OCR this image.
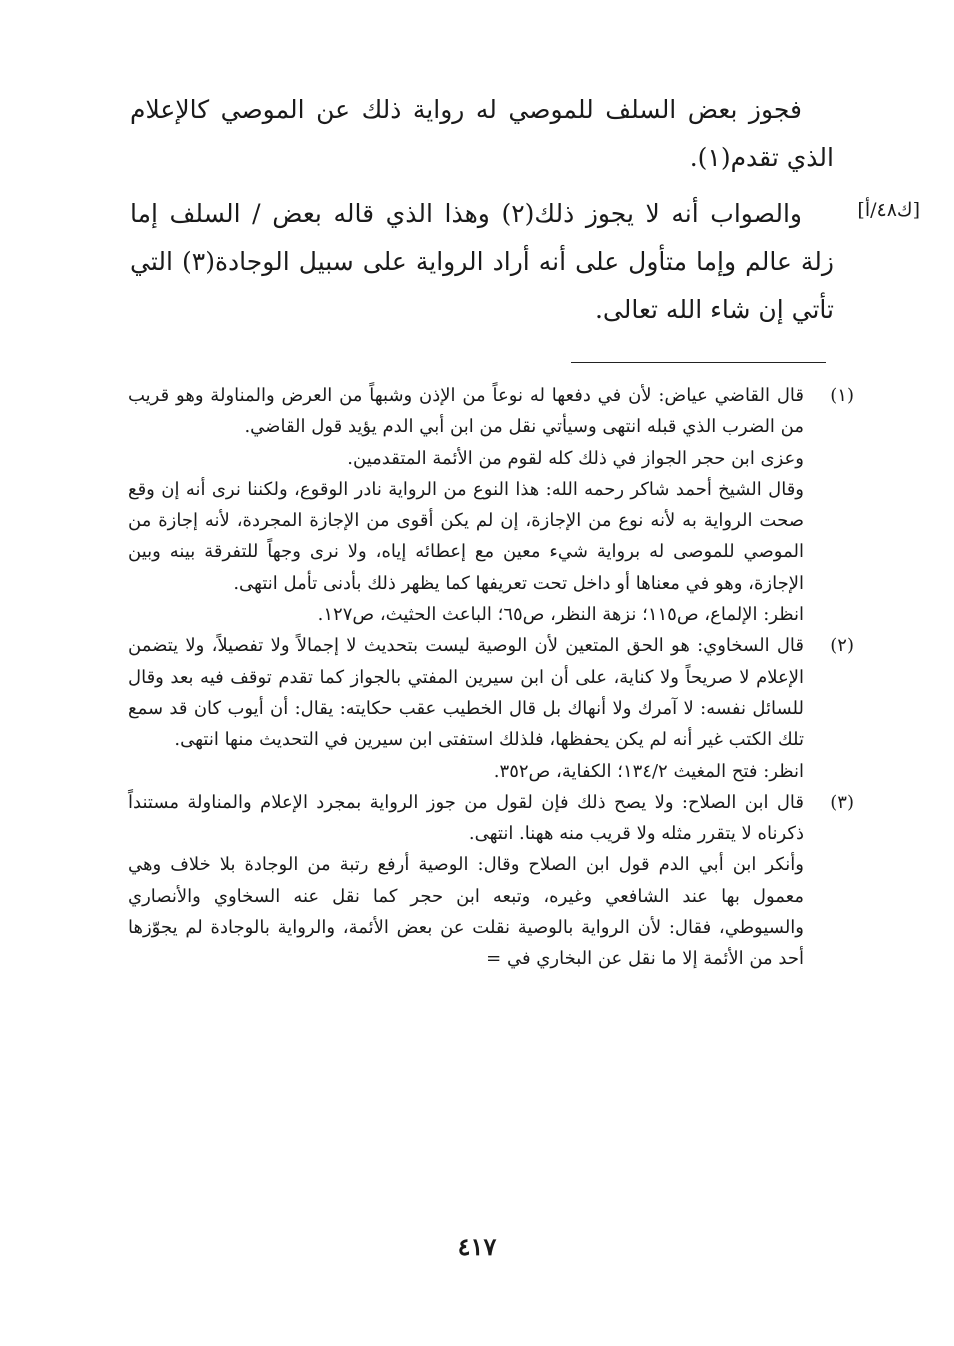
فجوز بعض السلف للموصي له رواية ذلك عن الموصي كالإعلام الذي تقدم(١).

والصواب أنه لا يجوز ذلك(٢) وهذا الذي قاله بعض / السلف إما زلة عالم وإما متأول على أنه أراد الرواية على سبيل الوجادة(٣) التي تأتي إن شاء الله تعالى.

[ك٤٨/أ]
(١)

قال القاضي عياض: لأن في دفعها له نوعاً من الإذن وشبهاً من العرض والمناولة وهو قريب من الضرب الذي قبله انتهى وسيأتي نقل من ابن أبي الدم يؤيد قول القاضي.

وعزى ابن حجر الجواز في ذلك كله لقوم من الأئمة المتقدمين.

وقال الشيخ أحمد شاكر رحمه الله: هذا النوع من الرواية نادر الوقوع، ولكننا نرى أنه إن وقع صحت الرواية به لأنه نوع من الإجازة، إن لم يكن أقوى من الإجازة المجردة، لأنه إجازة من الموصي للموصى له برواية شيء معين مع إعطائه إياه، ولا نرى وجهاً للتفرقة بينه وبين الإجازة، وهو في معناها أو داخل تحت تعريفها كما يظهر ذلك بأدنى تأمل انتهى.

انظر: الإلماع، ص١١٥؛ نزهة النظر، ص٦٥؛ الباعث الحثيث، ص١٢٧.

(٢)

قال السخاوي: هو الحق المتعين لأن الوصية ليست بتحديث لا إجمالاً ولا تفصيلاً، ولا يتضمن الإعلام لا صريحاً ولا كناية، على أن ابن سيرين المفتي بالجواز كما تقدم توقف فيه بعد وقال للسائل نفسه: لا آمرك ولا أنهاك بل قال الخطيب عقب حكايته: يقال: أن أيوب كان قد سمع تلك الكتب غير أنه لم يكن يحفظها، فلذلك استفتى ابن سيرين في التحديث منها انتهى.

انظر: فتح المغيث ١٣٤/٢؛ الكفاية، ص٣٥٢.

(٣)

قال ابن الصلاح: ولا يصح ذلك فإن لقول من جوز الرواية بمجرد الإعلام والمناولة مستنداً ذكرناه لا يتقرر مثله ولا قريب منه ههنا. انتهى.

وأنكر ابن أبي الدم قول ابن الصلاح وقال: الوصية أرفع رتبة من الوجادة بلا خلاف وهي معمول بها عند الشافعي وغيره، وتبعه ابن حجر كما نقل عنه السخاوي والأنصاري والسيوطي، فقال: لأن الرواية بالوصية نقلت عن بعض الأئمة، والرواية بالوجادة لم يجوّزها أحد من الأئمة إلا ما نقل عن البخاري في =

٤١٧
